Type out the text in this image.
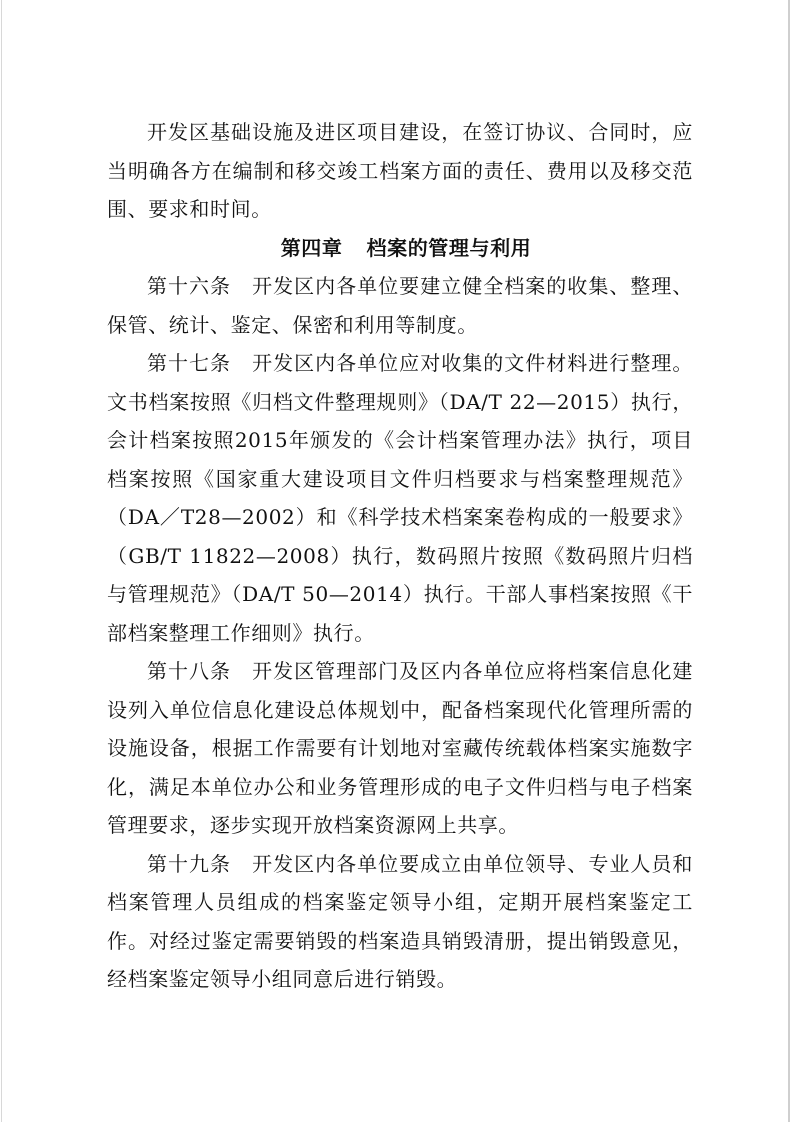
开发区基础设施及进区项目建设，在签订协议、合同时，应当明确各方在编制和移交竣工档案方面的责任、费用以及移交范围、要求和时间。

第四章 档案的管理与利用

第十六条　开发区内各单位要建立健全档案的收集、整理、保管、统计、鉴定、保密和利用等制度。

第十七条　开发区内各单位应对收集的文件材料进行整理。文书档案按照《归档文件整理规则》（DA/T 22—2015）执行，会计档案按照2015年颁发的《会计档案管理办法》执行，项目档案按照《国家重大建设项目文件归档要求与档案整理规范》（DA／T28—2002）和《科学技术档案案卷构成的一般要求》（GB/T 11822—2008）执行，数码照片按照《数码照片归档与管理规范》（DA/T 50—2014）执行。干部人事档案按照《干部档案整理工作细则》执行。

第十八条　开发区管理部门及区内各单位应将档案信息化建设列入单位信息化建设总体规划中，配备档案现代化管理所需的设施设备，根据工作需要有计划地对室藏传统载体档案实施数字化，满足本单位办公和业务管理形成的电子文件归档与电子档案管理要求，逐步实现开放档案资源网上共享。

第十九条　开发区内各单位要成立由单位领导、专业人员和档案管理人员组成的档案鉴定领导小组，定期开展档案鉴定工作。对经过鉴定需要销毁的档案造具销毁清册，提出销毁意见，经档案鉴定领导小组同意后进行销毁。
